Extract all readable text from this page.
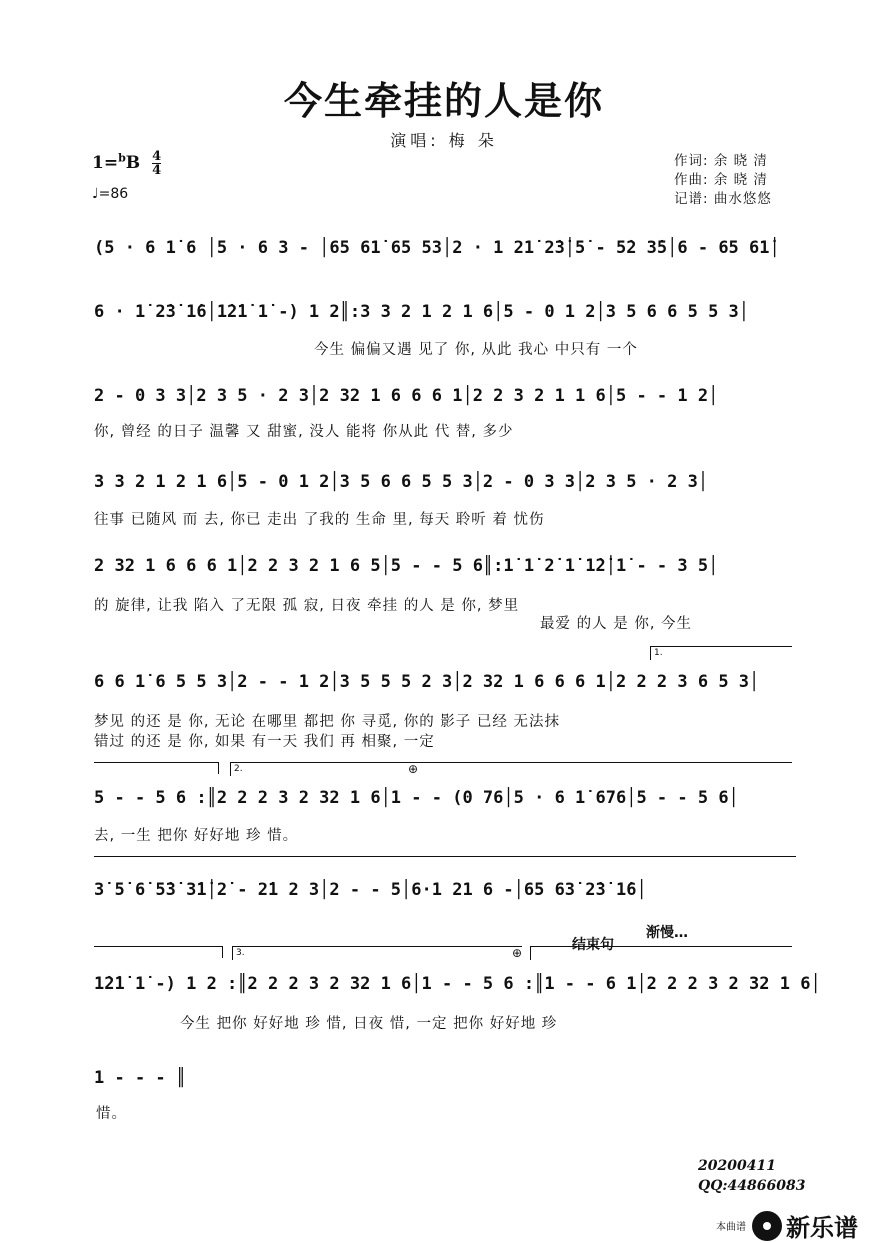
今生牵挂的人是你
演唱: 梅 朵
$1=^bB \frac{4}{4}$
♩=86
作词: 余 晓 清
作曲: 余 晓 清
记谱: 曲水悠悠
(5 · 6 1̇ 6 │5 · 6 3 - │65 61̇ 65 53│2 · 1 21̇ 2̇3̇│5̇ - 5̇2 3̇5│6 - 65 61̇│
6 · 1̇ 2̇3̇ 1̇6│1̇2̇1̇ 1̇ -) 1 2║:3 3 2 1 2 1 6│5 - 0 1 2│3 5 6 6 5 5 3│
今生 偏偏又遇 见了 你, 从此 我心 中只有 一个
2 - 0 3 3│2 3 5 · 2 3│2 32 1 6 6 6 1│2 2 3 2 1 1 6│5 - - 1 2│
你, 曾经 的日子 温馨 又 甜蜜, 没人 能将 你从此 代 替, 多少
3 3 2 1 2 1 6│5 - 0 1 2│3 5 6 6 5 5 3│2 - 0 3 3│2 3 5 · 2 3│
往事 已随风 而 去, 你已 走出 了我的 生命 里, 每天 聆听 着 忧伤
2 32 1 6 6 6 1│2 2 3 2 1 6 5│5 - - 5 6║:1̇ 1̇ 2̇ 1̇ 1̇2̇│1̇ - - 3 5│
的 旋律, 让我 陷入 了无限 孤 寂, 日夜 牵挂 的人 是 你, 梦里
最爱 的人 是 你, 今生
6 6 1̇ 6 5 5 3│2 - - 1 2│3 5 5 5 2 3│2 32 1 6 6 6 1│2 2 2 3 6 5 3│
梦见 的还 是 你, 无论 在哪里 都把 你 寻觅, 你的 影子 已经 无法抹
错过 的还 是 你, 如果 有一天 我们 再 相聚, 一定
5 - - 5 6 :║2 2 2 3 2 32 1 6│1 - - (0 76│5 · 6 1̇ 676│5 - - 5 6│
去, 一生 把你 好好地 珍 惜。
3̇ 5̇ 6̇ 5̇3̇ 3̇1̇│2̇ - 2̇1 2 3│2 - - 5│6·1 21 6 -│65 63̇ 2̇3̇ 1̇6│
1̇2̇1̇ 1̇ -) 1 2 :║2 2 2 3 2 32 1 6│1 - - 5 6 :║1 - - 6 1│2 2 2 3 2 32 1 6│
今生 把你 好好地 珍 惜, 日夜 惜, 一定 把你 好好地 珍
1 - - - ║
惜。
1.
2.
3.	结束句
渐慢…
⊕
⊕
20200411
QQ:44866083
本曲谱 新乐谱
